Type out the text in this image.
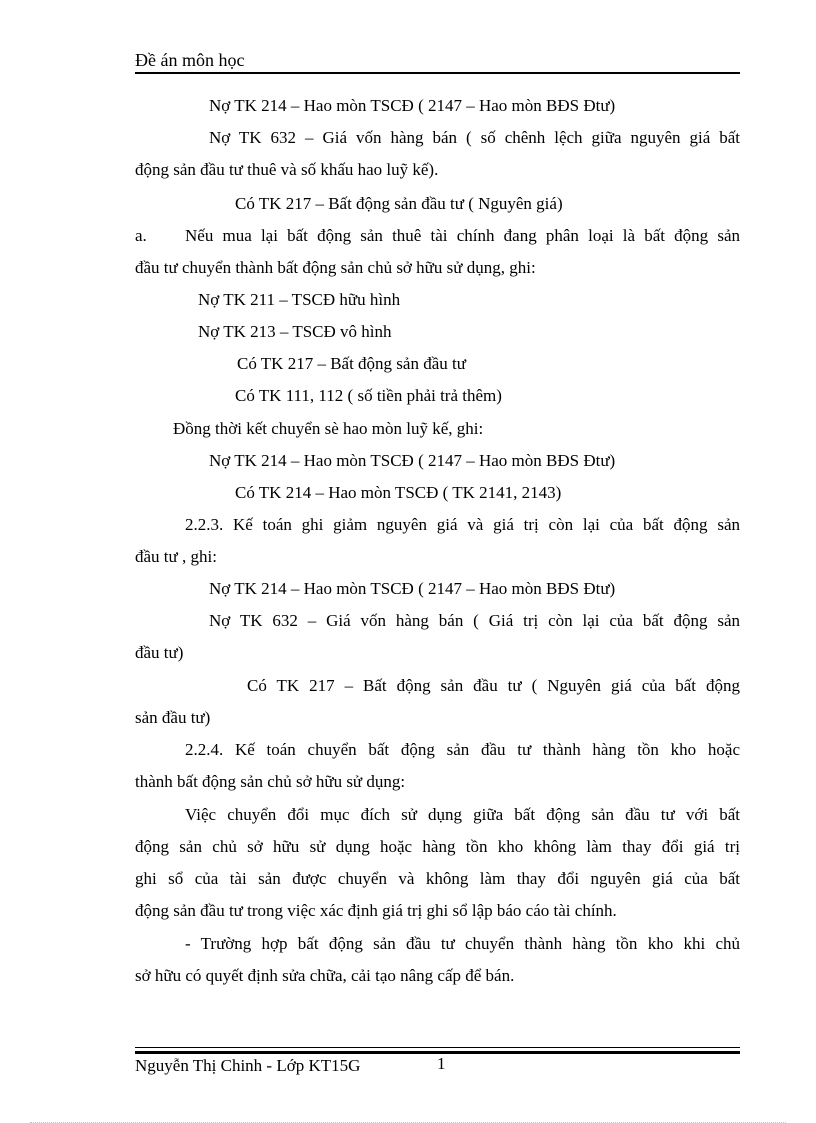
Đề án môn học
Nợ TK 214 – Hao mòn TSCĐ ( 2147 – Hao mòn BĐS Đtư)
Nợ TK 632 – Giá vốn hàng bán ( số chênh lệch giữa nguyên giá bất
động sản đầu tư thuê và số khấu hao luỹ kế).
Có TK 217 – Bất động sản đầu tư ( Nguyên giá)
a. Nếu mua lại bất động sản thuê tài chính đang phân loại là bất động sản
đầu tư chuyển thành bất động sản chủ sở hữu sử dụng, ghi:
Nợ TK 211 – TSCĐ hữu hình
Nợ TK 213 – TSCĐ vô hình
Có TK 217 – Bất động sản đầu tư
Có TK 111, 112 ( số tiền phải trả thêm)
Đồng thời kết chuyển sè hao mòn luỹ kế, ghi:
Nợ TK 214 – Hao mòn TSCĐ ( 2147 – Hao mòn BĐS Đtư)
Có TK 214 – Hao mòn TSCĐ ( TK 2141, 2143)
2.2.3. Kế toán ghi giảm nguyên giá và giá trị còn lại của bất động sản
đầu tư , ghi:
Nợ TK 214 – Hao mòn TSCĐ ( 2147 – Hao mòn BĐS Đtư)
Nợ TK 632 – Giá vốn hàng bán ( Giá trị còn lại của bất động sản
đầu tư)
Có TK 217 – Bất động sản đầu tư ( Nguyên giá của bất động
sản đầu tư)
2.2.4. Kế toán chuyển bất động sản đầu tư thành hàng tồn kho hoặc
thành bất động sản chủ sở hữu sử dụng:
Việc chuyển đổi mục đích sử dụng giữa bất động sản đầu tư với bất
động sản chủ sở hữu sử dụng hoặc hàng tồn kho không làm thay đổi giá trị
ghi sổ của tài sản được chuyển và không làm thay đổi nguyên giá của bất
động sản đầu tư trong việc xác định giá trị ghi sổ lập báo cáo tài chính.
- Trường hợp bất động sản đầu tư chuyển thành hàng tồn kho khi chủ
sở hữu có quyết định sửa chữa, cải tạo nâng cấp để bán.
Nguyễn Thị Chinh - Lớp KT15G	1
